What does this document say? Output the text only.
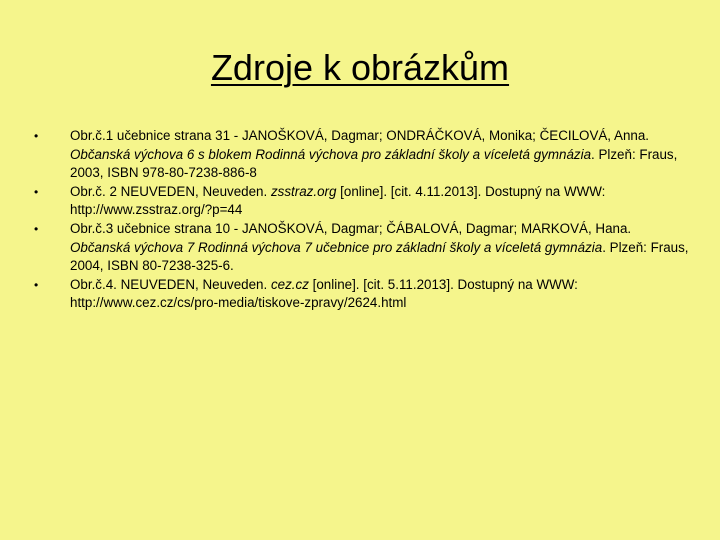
Zdroje k obrázkům
• Obr.č.1 učebnice strana 31 - JANOŠKOVÁ, Dagmar; ONDRÁČKOVÁ, Monika; ČECILOVÁ, Anna. Občanská výchova 6 s blokem Rodinná výchova pro základní školy a víceletá gymnázia. Plzeň: Fraus, 2003, ISBN 978-80-7238-886-8
• Obr.č. 2 NEUVEDEN, Neuveden. zsstraz.org [online]. [cit. 4.11.2013]. Dostupný na WWW: http://www.zsstraz.org/?p=44
• Obr.č.3 učebnice strana 10 - JANOŠKOVÁ, Dagmar; ČÁBALOVÁ, Dagmar; MARKOVÁ, Hana. Občanská výchova 7 Rodinná výchova 7 učebnice pro základní školy a víceletá gymnázia. Plzeň: Fraus, 2004, ISBN 80-7238-325-6.
• Obr.č.4. NEUVEDEN, Neuveden. cez.cz [online]. [cit. 5.11.2013]. Dostupný na WWW: http://www.cez.cz/cs/pro-media/tiskove-zpravy/2624.html
